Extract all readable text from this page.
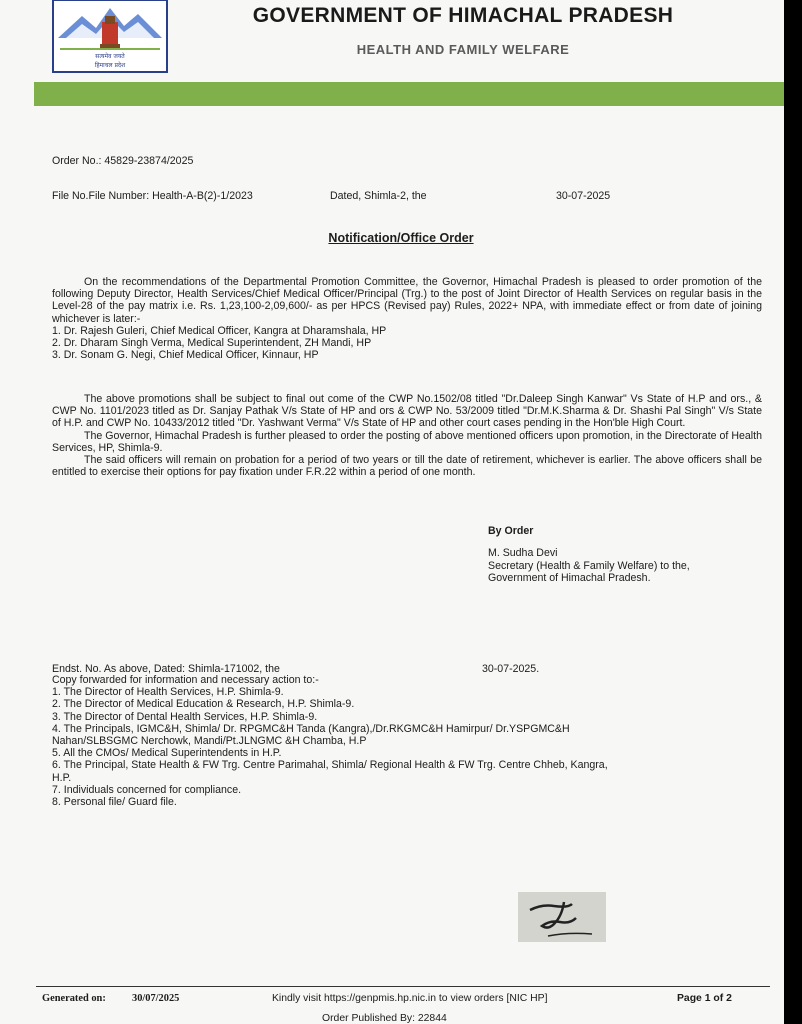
सत्यमेव जयते
हिमाचल प्रदेश
GOVERNMENT OF HIMACHAL PRADESH
HEALTH AND FAMILY WELFARE
Order No.: 45829-23874/2025
File No.File Number: Health-A-B(2)-1/2023	Dated, Shimla-2, the	30-07-2025
Notification/Office Order

On the recommendations of the Departmental Promotion Committee, the Governor, Himachal Pradesh is pleased to order promotion of the following Deputy Director, Health Services/Chief Medical Officer/Principal (Trg.) to the post of Joint Director of Health Services on regular basis in the Level-28 of the pay matrix i.e. Rs. 1,23,100-2,09,600/- as per HPCS (Revised pay) Rules, 2022+ NPA, with immediate effect or from date of joining whichever is later:-

1. Dr. Rajesh Guleri, Chief Medical Officer, Kangra at Dharamshala, HP

2. Dr. Dharam Singh Verma, Medical Superintendent, ZH Mandi, HP

3. Dr. Sonam G. Negi, Chief Medical Officer, Kinnaur, HP

The above promotions shall be subject to final out come of the CWP No.1502/08 titled "Dr.Daleep Singh Kanwar" Vs State of H.P and ors., & CWP No. 1101/2023 titled as Dr. Sanjay Pathak V/s State of HP and ors & CWP No. 53/2009 titled "Dr.M.K.Sharma & Dr. Shashi Pal Singh" V/s State of H.P. and CWP No. 10433/2012 titled "Dr. Yashwant Verma" V/s State of HP and other court cases pending in the Hon'ble High Court.

The Governor, Himachal Pradesh is further pleased to order the posting of above mentioned officers upon promotion, in the Directorate of Health Services, HP, Shimla-9.

The said officers will remain on probation for a period of two years or till the date of retirement, whichever is earlier. The above officers shall be entitled to exercise their options for pay fixation under F.R.22 within a period of one month.

By Order
M. Sudha Devi
Secretary (Health & Family Welfare) to the,
Government of Himachal Pradesh.
Endst. No. As above, Dated: Shimla-171002, the	30-07-2025.
Copy forwarded for information and necessary action to:-
1. The Director of Health Services, H.P. Shimla-9.
2. The Director of Medical Education & Research, H.P. Shimla-9.
3. The Director of Dental Health Services, H.P. Shimla-9.
4. The Principals, IGMC&H, Shimla/ Dr. RPGMC&H Tanda (Kangra),/Dr.RKGMC&H Hamirpur/ Dr.YSPGMC&H
Nahan/SLBSGMC Nerchowk, Mandi/Pt.JLNGMC &H Chamba, H.P
5. All the CMOs/ Medical Superintendents in H.P.
6. The Principal, State Health & FW Trg. Centre Parimahal, Shimla/ Regional Health & FW Trg. Centre Chheb, Kangra,
H.P.
7. Individuals concerned for compliance.
8. Personal file/ Guard file.
Generated on:	30/07/2025	Kindly visit https://genpmis.hp.nic.in to view orders [NIC HP]	Page 1 of 2
Order Published By: 22844
